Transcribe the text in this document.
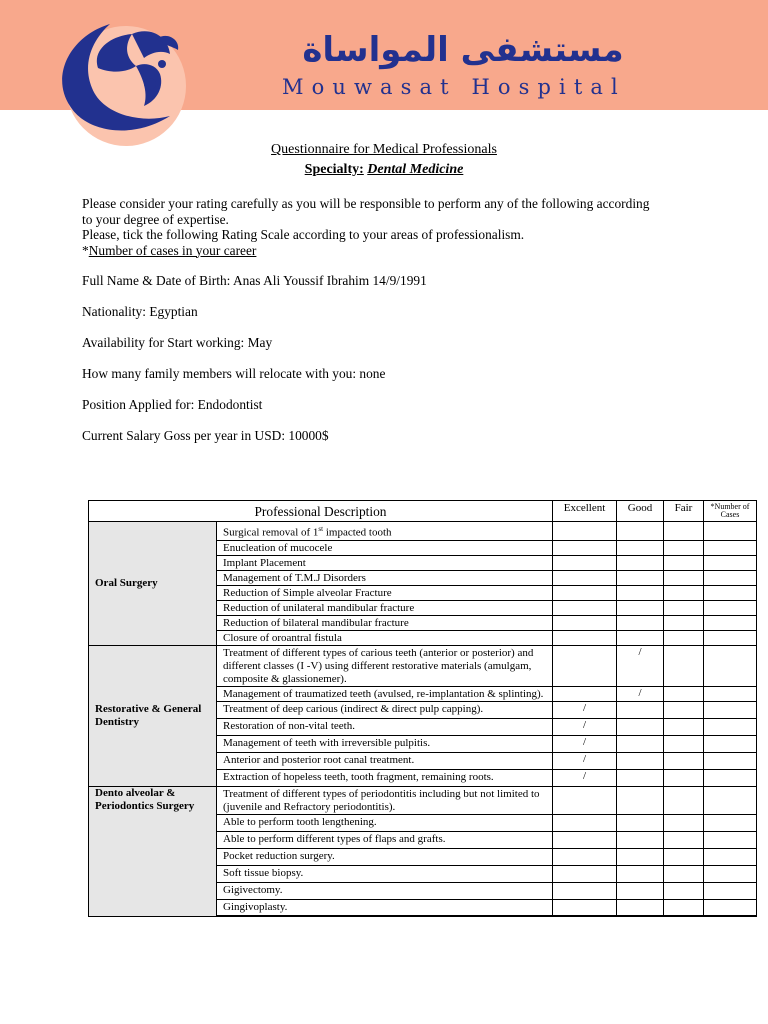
مستشفى المواساة
Mouwasat Hospital
Questionnaire for Medical Professionals
Specialty: Dental Medicine
Please consider your rating carefully as you will be responsible to perform any of the following according to your degree of expertise.
Please, tick the following Rating Scale according to your areas of professionalism.
*Number of cases in your career
Full Name & Date of Birth: Anas Ali Youssif Ibrahim 14/9/1991
Nationality: Egyptian
Availability for Start working: May
How many family members will relocate with you: none
Position Applied for: Endodontist
Current Salary Goss per year in USD: 10000$
Professional Description		Excellent	Good	Fair	*Number of Cases
Oral Surgery	Surgical removal of 1st impacted tooth				
	Enucleation of mucocele				
	Implant Placement				
	Management of T.M.J Disorders				
	Reduction of Simple alveolar Fracture				
	Reduction of unilateral mandibular fracture				
	Reduction of bilateral mandibular fracture				
	Closure of oroantral fistula				
Restorative & General Dentistry	Treatment of different types of carious teeth (anterior or posterior) and different classes (I -V) using different restorative materials (amulgam, composite & glassionemer).		/		
	Management of traumatized teeth (avulsed, re-implantation & splinting).		/		
	Treatment of deep carious (indirect & direct pulp capping).	/			
	Restoration of non-vital teeth.	/			
	Management of teeth with irreversible pulpitis.	/			
	Anterior and posterior root canal treatment.	/			
	Extraction of hopeless teeth, tooth fragment, remaining roots.	/			
Dento alveolar & Periodontics Surgery	Treatment of different types of periodontitis including but not limited to (juvenile and Refractory periodontitis).				
	Able to perform tooth lengthening.				
	Able to perform different types of flaps and grafts.				
	Pocket reduction surgery.				
	Soft tissue biopsy.				
	Gigivectomy.				
	Gingivoplasty.				
